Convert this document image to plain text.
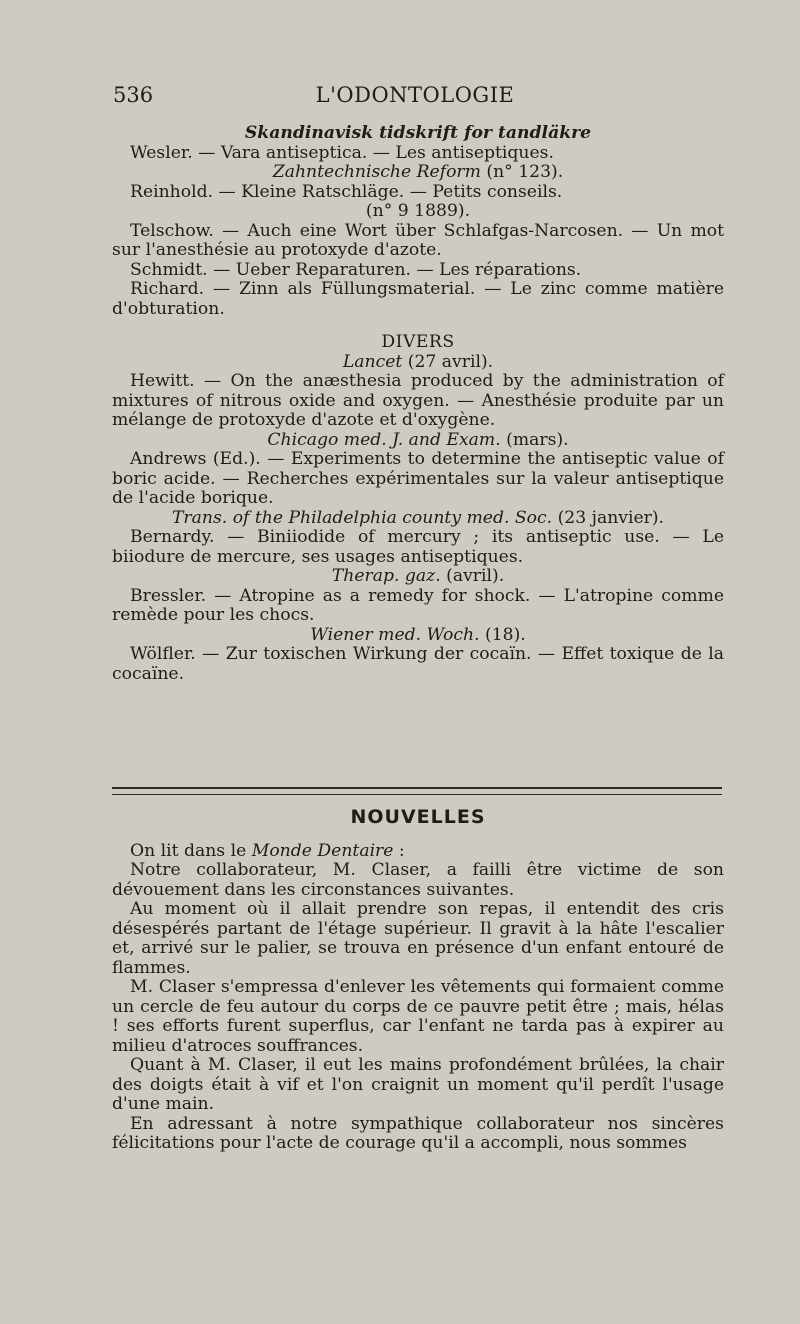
536	L'ODONTOLOGIE

Skandinavisk tidskrift for tandläkre

Wesler. — Vara antiseptica. — Les antiseptiques.

Zahntechnische Reform (n° 123).

Reinhold. — Kleine Ratschläge. — Petits conseils.

(n° 9 1889).

Telschow. — Auch eine Wort über Schlafgas-Narcosen. — Un mot sur l'anesthésie au protoxyde d'azote.

Schmidt. — Ueber Reparaturen. — Les réparations.

Richard. — Zinn als Füllungsmaterial. — Le zinc comme matière d'obturation.

DIVERS

Lancet (27 avril).

Hewitt. — On the anæsthesia produced by the administration of mixtures of nitrous oxide and oxygen. — Anesthésie produite par un mélange de protoxyde d'azote et d'oxygène.

Chicago med. J. and Exam. (mars).

Andrews (Ed.). — Experiments to determine the antiseptic value of boric acide. — Recherches expérimentales sur la valeur antiseptique de l'acide borique.

Trans. of the Philadelphia county med. Soc. (23 janvier).

Bernardy. — Biniiodide of mercury ; its antiseptic use. — Le biiodure de mercure, ses usages antiseptiques.

Therap. gaz. (avril).

Bressler. — Atropine as a remedy for shock. — L'atropine comme remède pour les chocs.

Wiener med. Woch. (18).

Wölfler. — Zur toxischen Wirkung der cocaïn. — Effet toxique de la cocaïne.

NOUVELLES

On lit dans le Monde Dentaire :

Notre collaborateur, M. Claser, a failli être victime de son dévouement dans les circonstances suivantes.

Au moment où il allait prendre son repas, il entendit des cris désespérés partant de l'étage supérieur. Il gravit à la hâte l'escalier et, arrivé sur le palier, se trouva en présence d'un enfant entouré de flammes.

M. Claser s'empressa d'enlever les vêtements qui formaient comme un cercle de feu autour du corps de ce pauvre petit être ; mais, hélas ! ses efforts furent superflus, car l'enfant ne tarda pas à expirer au milieu d'atroces souffrances.

Quant à M. Claser, il eut les mains profondément brûlées, la chair des doigts était à vif et l'on craignit un moment qu'il perdît l'usage d'une main.

En adressant à notre sympathique collaborateur nos sincères félicitations pour l'acte de courage qu'il a accompli, nous sommes
